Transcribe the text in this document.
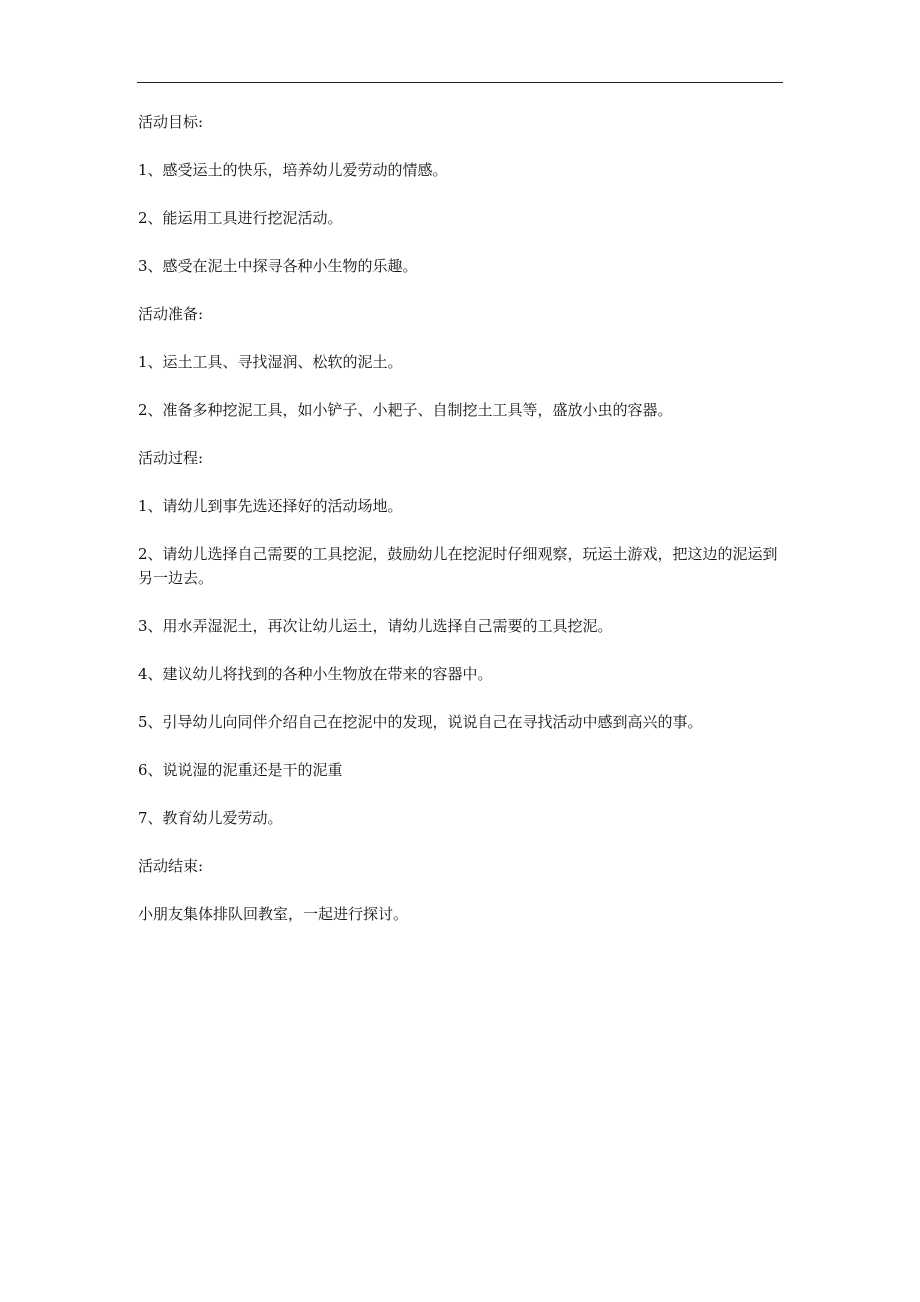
活动目标:

1、感受运土的快乐，培养幼儿爱劳动的情感。

2、能运用工具进行挖泥活动。

3、感受在泥土中探寻各种小生物的乐趣。

活动准备:

1、运土工具、寻找湿润、松软的泥土。

2、准备多种挖泥工具，如小铲子、小耙子、自制挖土工具等，盛放小虫的容器。

活动过程:

1、请幼儿到事先选还择好的活动场地。

2、请幼儿选择自己需要的工具挖泥，鼓励幼儿在挖泥时仔细观察，玩运土游戏，把这边的泥运到另一边去。

3、用水弄湿泥土，再次让幼儿运土，请幼儿选择自己需要的工具挖泥。

4、建议幼儿将找到的各种小生物放在带来的容器中。

5、引导幼儿向同伴介绍自己在挖泥中的发现，说说自己在寻找活动中感到高兴的事。

6、说说湿的泥重还是干的泥重

7、教育幼儿爱劳动。

活动结束:

小朋友集体排队回教室，一起进行探讨。
